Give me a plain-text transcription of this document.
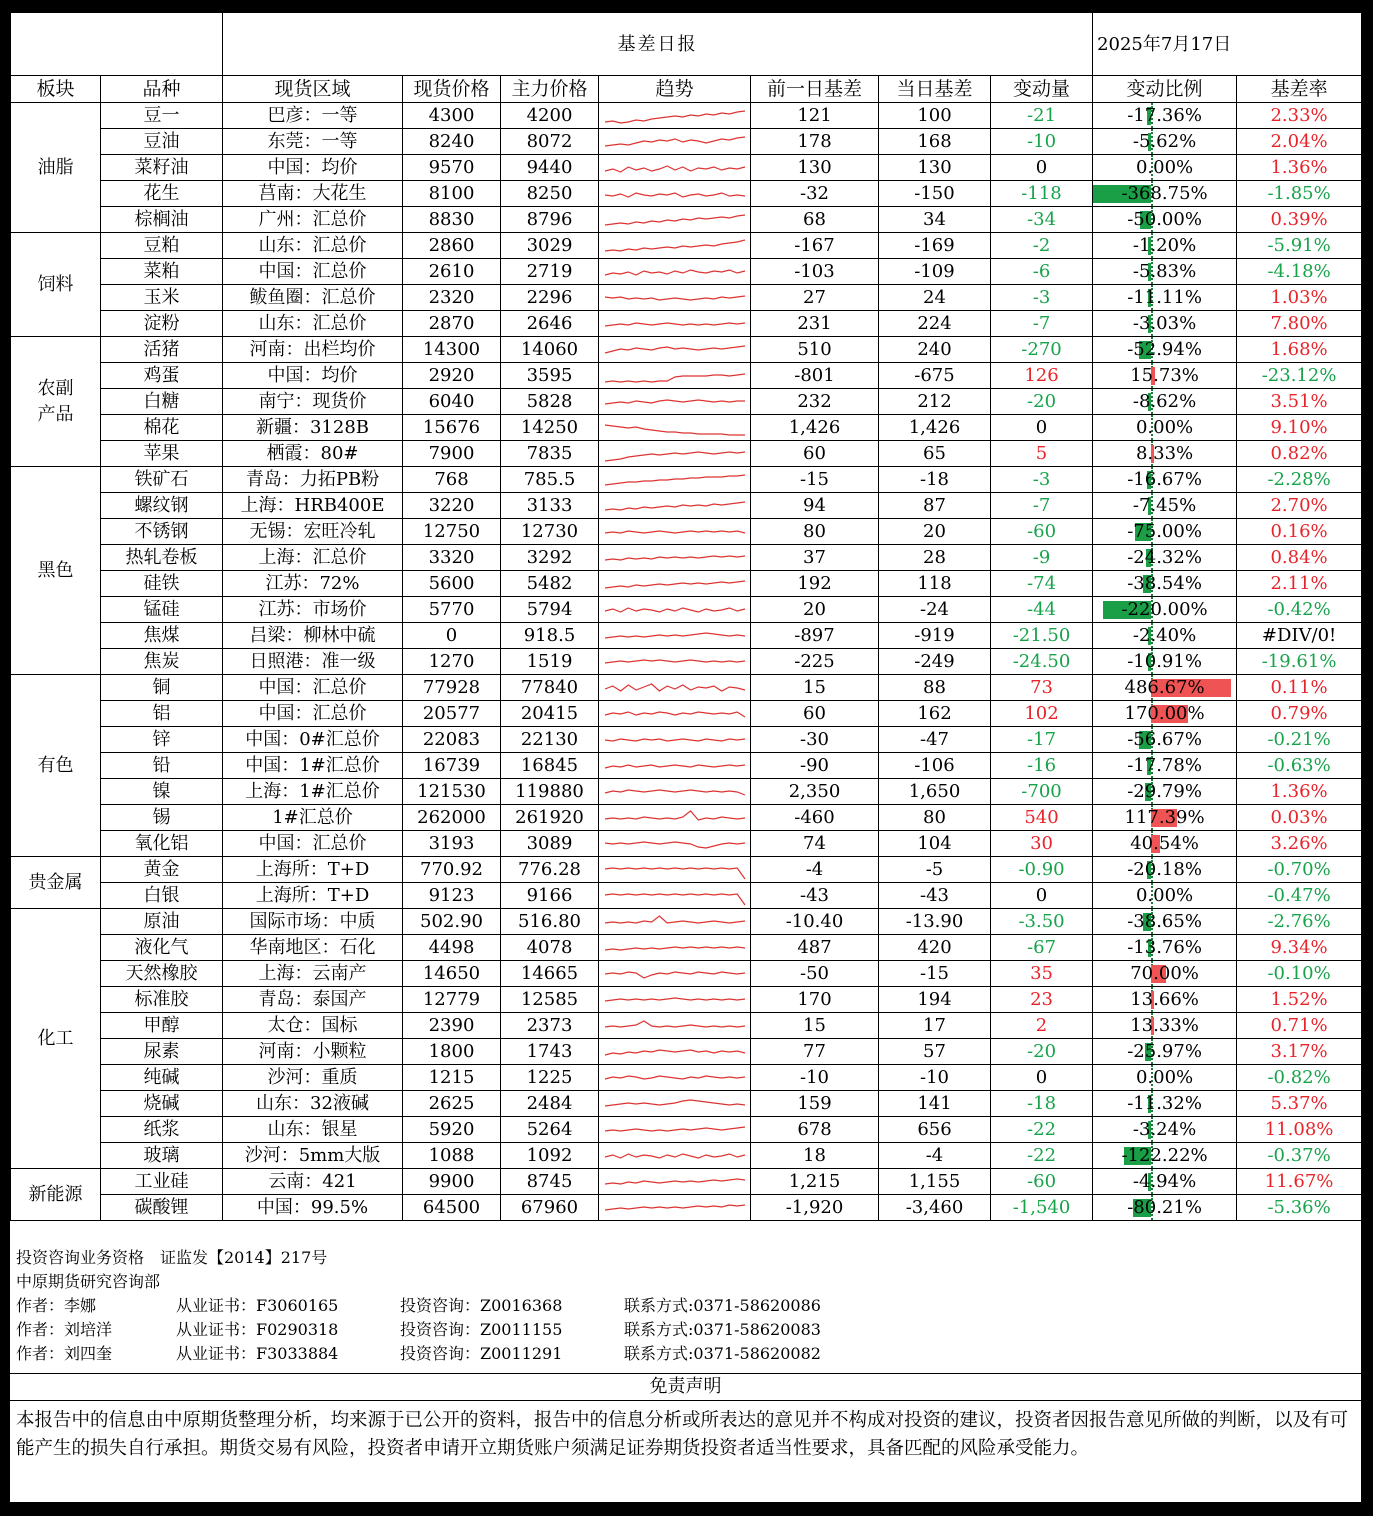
		基差日报							2025年7月17日	
板块	品种	现货区域	现货价格	主力价格	趋势	前一日基差	当日基差	变动量	变动比例	基差率
油脂	豆一	巴彦：一等	4300	4200		121	100	-21	-17.36%	2.33%
	豆油	东莞：一等	8240	8072		178	168	-10	-5.62%	2.04%
	菜籽油	中国：均价	9570	9440		130	130	0	0.00%	1.36%
	花生	莒南：大花生	8100	8250		-32	-150	-118	-368.75%	-1.85%
	棕榈油	广州：汇总价	8830	8796		68	34	-34	-50.00%	0.39%
饲料	豆粕	山东：汇总价	2860	3029		-167	-169	-2	-1.20%	-5.91%
	菜粕	中国：汇总价	2610	2719		-103	-109	-6	-5.83%	-4.18%
	玉米	鲅鱼圈：汇总价	2320	2296		27	24	-3	-11.11%	1.03%
	淀粉	山东：汇总价	2870	2646		231	224	-7	-3.03%	7.80%
农副产品	活猪	河南：出栏均价	14300	14060		510	240	-270	-52.94%	1.68%
	鸡蛋	中国：均价	2920	3595		-801	-675	126	15.73%	-23.12%
	白糖	南宁：现货价	6040	5828		232	212	-20	-8.62%	3.51%
	棉花	新疆：3128B	15676	14250		1,426	1,426	0	0.00%	9.10%
	苹果	栖霞：80#	7900	7835		60	65	5	8.33%	0.82%
黑色	铁矿石	青岛：力拓PB粉	768	785.5		-15	-18	-3	-16.67%	-2.28%
	螺纹钢	上海：HRB400E	3220	3133		94	87	-7	-7.45%	2.70%
	不锈钢	无锡：宏旺冷轧	12750	12730		80	20	-60	-75.00%	0.16%
	热轧卷板	上海：汇总价	3320	3292		37	28	-9	-24.32%	0.84%
	硅铁	江苏：72%	5600	5482		192	118	-74	-38.54%	2.11%
	锰硅	江苏：市场价	5770	5794		20	-24	-44	-220.00%	-0.42%
	焦煤	吕梁：柳林中硫	0	918.5		-897	-919	-21.50	-2.40%	#DIV/0!
	焦炭	日照港：准一级	1270	1519		-225	-249	-24.50	-10.91%	-19.61%
有色	铜	中国：汇总价	77928	77840		15	88	73	486.67%	0.11%
	铝	中国：汇总价	20577	20415		60	162	102	170.00%	0.79%
	锌	中国：0#汇总价	22083	22130		-30	-47	-17	-56.67%	-0.21%
	铅	中国：1#汇总价	16739	16845		-90	-106	-16	-17.78%	-0.63%
	镍	上海：1#汇总价	121530	119880		2,350	1,650	-700	-29.79%	1.36%
	锡	1#汇总价	262000	261920		-460	80	540	117.39%	0.03%
	氧化铝	中国：汇总价	3193	3089		74	104	30	40.54%	3.26%
贵金属	黄金	上海所：T+D	770.92	776.28		-4	-5	-0.90	-20.18%	-0.70%
	白银	上海所：T+D	9123	9166		-43	-43	0	0.00%	-0.47%
化工	原油	国际市场：中质	502.90	516.80		-10.40	-13.90	-3.50	-38.65%	-2.76%
	液化气	华南地区：石化	4498	4078		487	420	-67	-13.76%	9.34%
	天然橡胶	上海：云南产	14650	14665		-50	-15	35	70.00%	-0.10%
	标准胶	青岛：泰国产	12779	12585		170	194	23	13.66%	1.52%
	甲醇	太仓：国标	2390	2373		15	17	2	13.33%	0.71%
	尿素	河南：小颗粒	1800	1743		77	57	-20	-25.97%	3.17%
	纯碱	沙河：重质	1215	1225		-10	-10	0	0.00%	-0.82%
	烧碱	山东：32液碱	2625	2484		159	141	-18	-11.32%	5.37%
	纸浆	山东：银星	5920	5264		678	656	-22	-3.24%	11.08%
	玻璃	沙河：5mm大版	1088	1092		18	-4	-22	-122.22%	-0.37%
新能源	工业硅	云南：421	9900	8745		1,215	1,155	-60	-4.94%	11.67%
	碳酸锂	中国：99.5%	64500	67960		-1,920	-3,460	-1,540	-80.21%	-5.36%
投资咨询业务资格　证监发【2014】217号
中原期货研究咨询部
作者：李娜	从业证书：F3060165	投资咨询：Z0016368	联系方式:0371-58620086
作者：刘培洋	从业证书：F0290318	投资咨询：Z0011155	联系方式:0371-58620083
作者：刘四奎	从业证书：F3033884	投资咨询：Z0011291	联系方式:0371-58620082
免责声明
本报告中的信息由中原期货整理分析，均来源于已公开的资料，报告中的信息分析或所表达的意见并不构成对投资的建议，投资者因报告意见所做的判断，以及有可能产生的损失自行承担。期货交易有风险，投资者申请开立期货账户须满足证券期货投资者适当性要求，具备匹配的风险承受能力。
